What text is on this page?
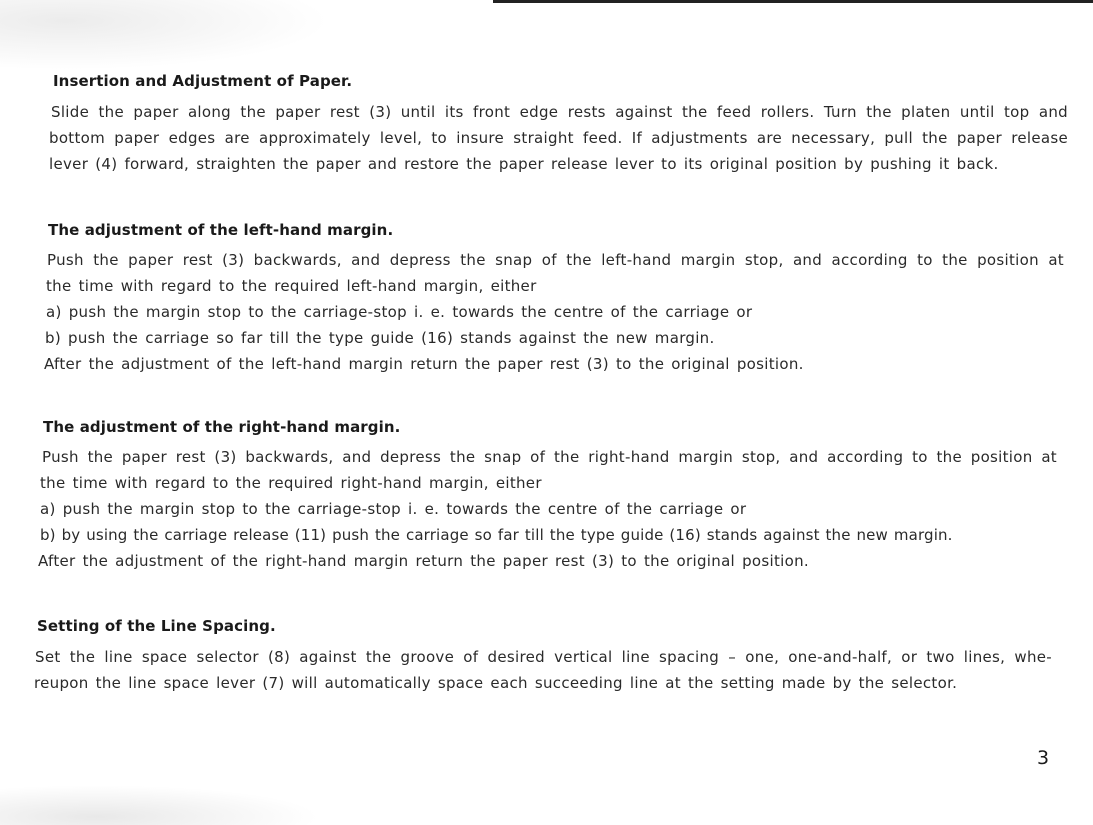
Insertion and Adjustment of Paper.
Slide the paper along the paper rest (3) until its front edge rests against the feed rollers. Turn the platen until top and
bottom paper edges are approximately level, to insure straight feed. If adjustments are necessary, pull the paper release
lever (4) forward, straighten the paper and restore the paper release lever to its original position by pushing it back.
The adjustment of the left-hand margin.
Push the paper rest (3) backwards, and depress the snap of the left-hand margin stop, and according to the position at
the time with regard to the required left-hand margin, either
a) push the margin stop to the carriage-stop i. e. towards the centre of the carriage or
b) push the carriage so far till the type guide (16) stands against the new margin.
After the adjustment of the left-hand margin return the paper rest (3) to the original position.
The adjustment of the right-hand margin.
Push the paper rest (3) backwards, and depress the snap of the right-hand margin stop, and according to the position at
the time with regard to the required right-hand margin, either
a) push the margin stop to the carriage-stop i. e. towards the centre of the carriage or
b) by using the carriage release (11) push the carriage so far till the type guide (16) stands against the new margin.
After the adjustment of the right-hand margin return the paper rest (3) to the original position.
Setting of the Line Spacing.
Set the line space selector (8) against the groove of desired vertical line spacing – one, one-and-half, or two lines, whe-
reupon the line space lever (7) will automatically space each succeeding line at the setting made by the selector.
3
